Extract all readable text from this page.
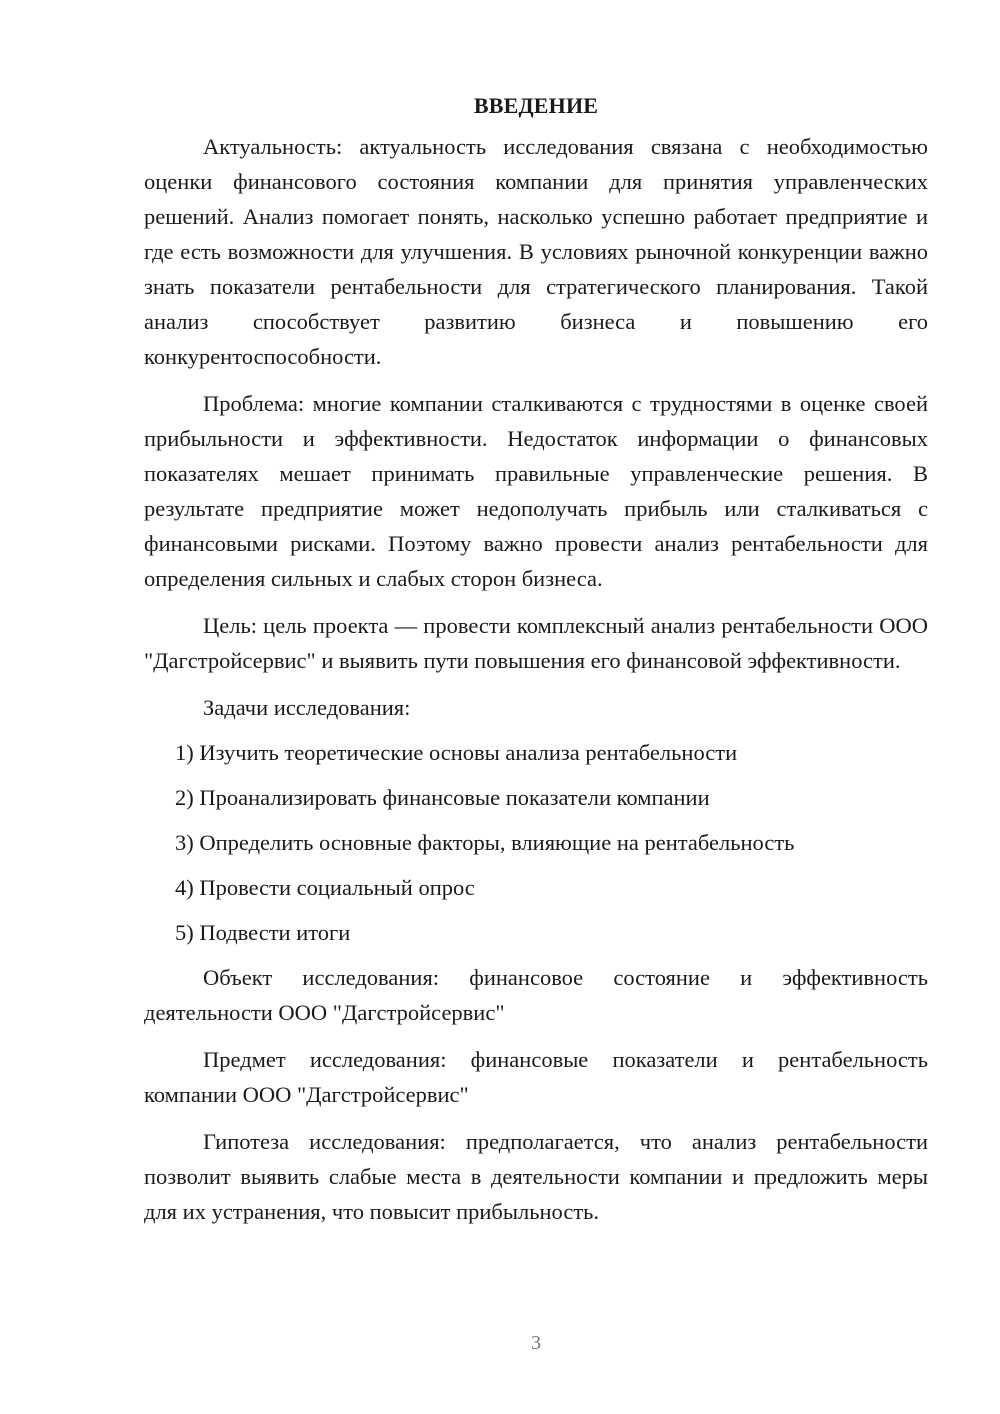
ВВЕДЕНИЕ

Актуальность: актуальность исследования связана с необходимостью оценки финансового состояния компании для принятия управленческих решений. Анализ помогает понять, насколько успешно работает предприятие и где есть возможности для улучшения. В условиях рыночной конкуренции важно знать показатели рентабельности для стратегического планирования. Такой анализ способствует развитию бизнеса и повышению его конкурентоспособности.

Проблема: многие компании сталкиваются с трудностями в оценке своей прибыльности и эффективности. Недостаток информации о финансовых показателях мешает принимать правильные управленческие решения. В результате предприятие может недополучать прибыль или сталкиваться с финансовыми рисками. Поэтому важно провести анализ рентабельности для определения сильных и слабых сторон бизнеса.

Цель: цель проекта — провести комплексный анализ рентабельности ООО "Дагстройсервис" и выявить пути повышения его финансовой эффективности.

Задачи исследования:

1) Изучить теоретические основы анализа рентабельности

2) Проанализировать финансовые показатели компании

3) Определить основные факторы, влияющие на рентабельность

4) Провести социальный опрос

5) Подвести итоги

Объект исследования: финансовое состояние и эффективность деятельности ООО "Дагстройсервис"

Предмет исследования: финансовые показатели и рентабельность компании ООО "Дагстройсервис"

Гипотеза исследования: предполагается, что анализ рентабельности позволит выявить слабые места в деятельности компании и предложить меры для их устранения, что повысит прибыльность.

3
